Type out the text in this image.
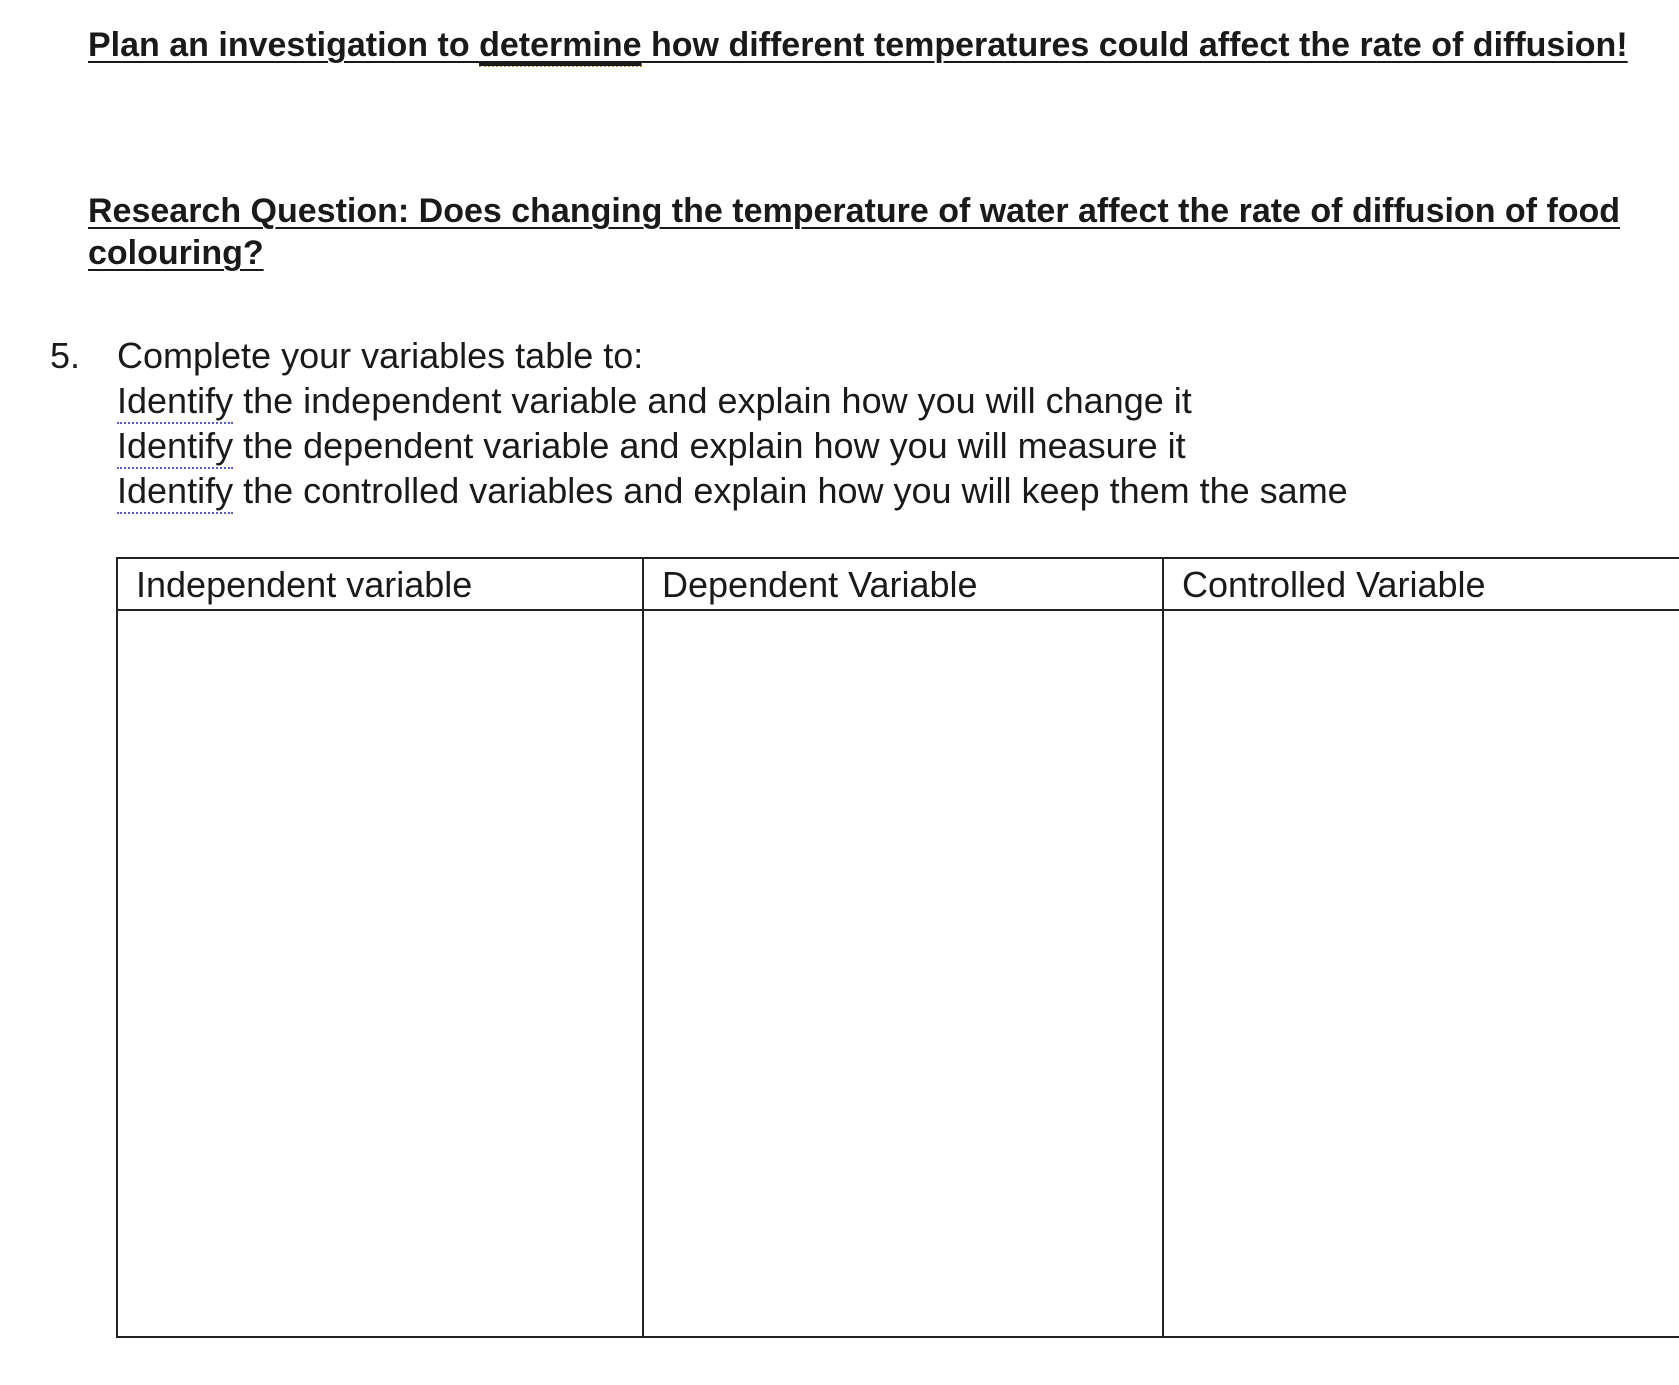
Plan an investigation to determine how different temperatures could affect the rate of diffusion!
Research Question: Does changing the temperature of water affect the rate of diffusion of food colouring?
5. Complete your variables table to:
Identify the independent variable and explain how you will change it
Identify the dependent variable and explain how you will measure it
Identify the controlled variables and explain how you will keep them the same
Independent variable	Dependent Variable	Controlled Variable
